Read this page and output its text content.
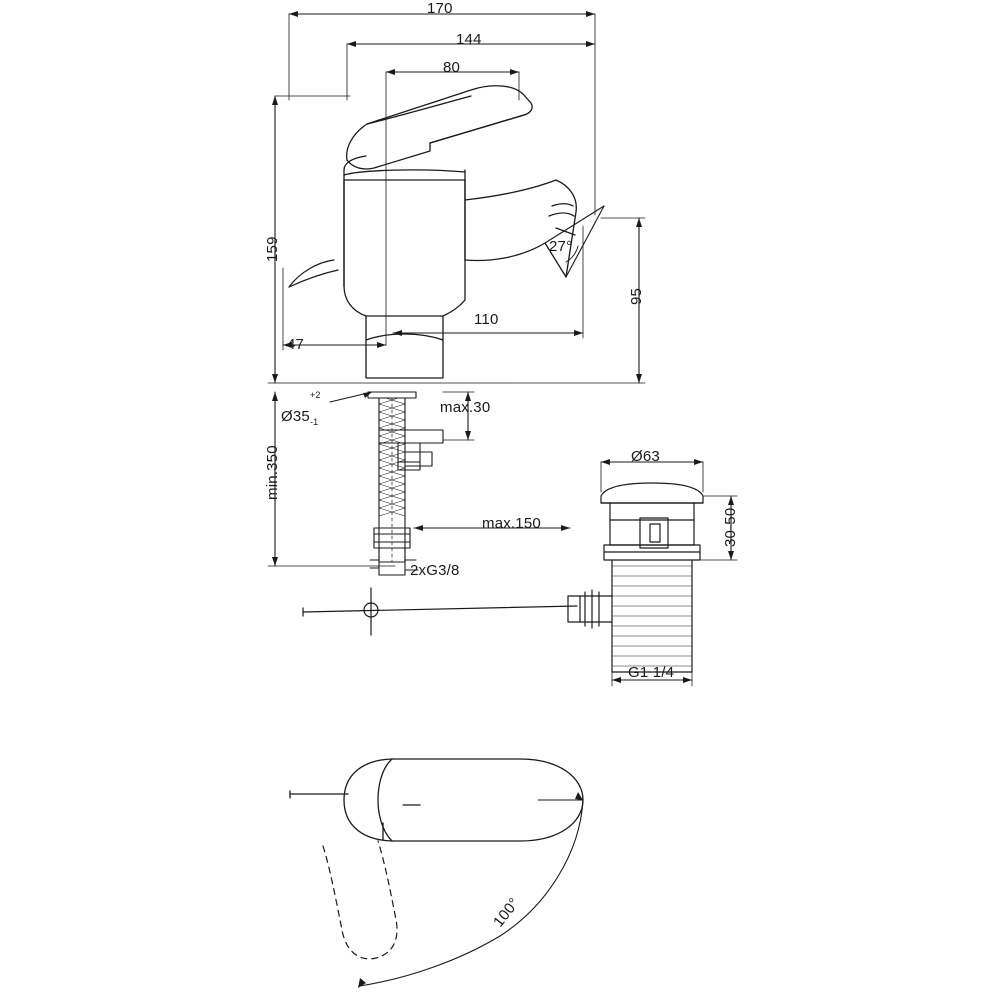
170
144
80
159	27°
95
110
47
$Ø35^{+2}$
$_{-1}$
max.30
min.350
max.150
2xG3/8
Ø63
30-50
G1 1/4
100°
